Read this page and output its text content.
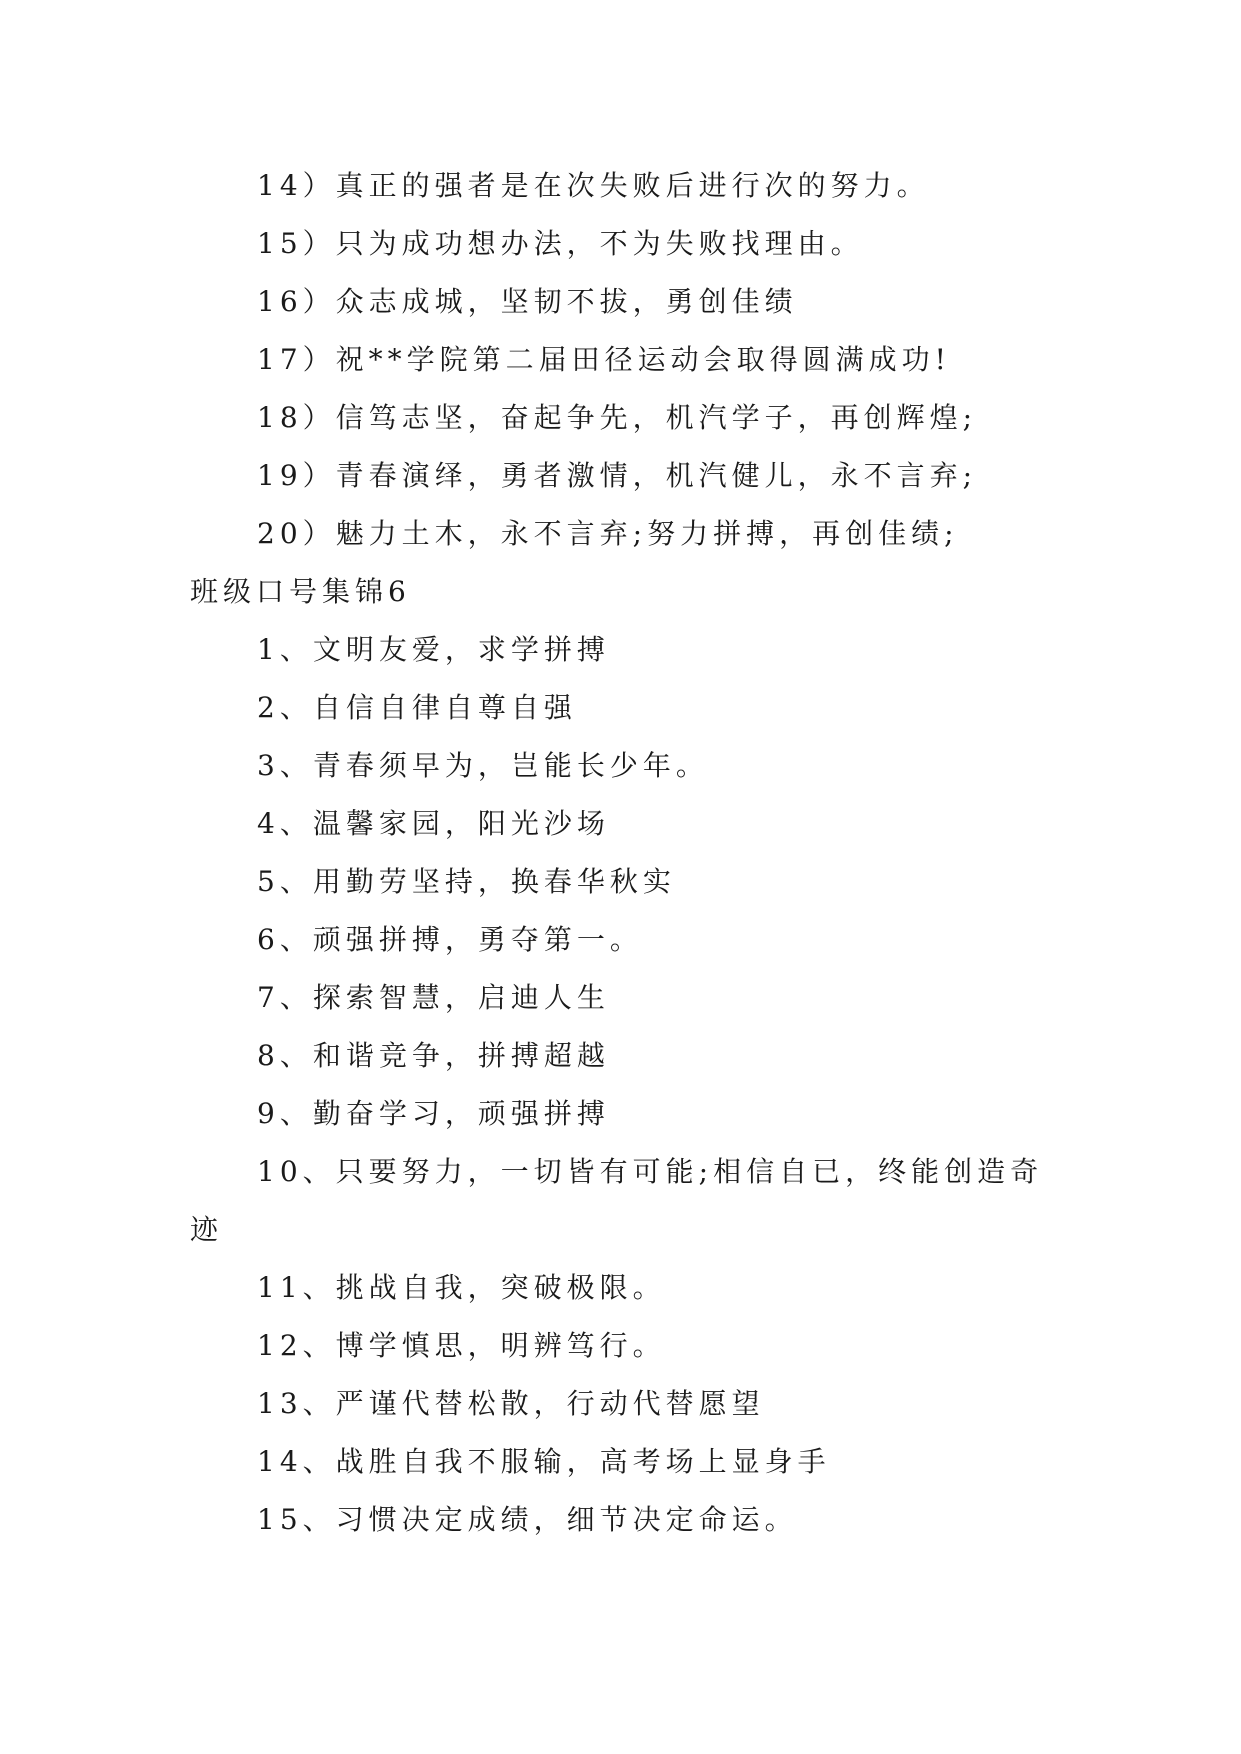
14）真正的强者是在次失败后进行次的努力。
15）只为成功想办法，不为失败找理由。
16）众志成城，坚韧不拔，勇创佳绩
17）祝**学院第二届田径运动会取得圆满成功!
18）信笃志坚，奋起争先，机汽学子，再创辉煌;
19）青春演绎，勇者激情，机汽健儿，永不言弃;
20）魅力土木，永不言弃;努力拼搏，再创佳绩;
班级口号集锦6
1、文明友爱，求学拼搏
2、自信自律自尊自强
3、青春须早为，岂能长少年。
4、温馨家园，阳光沙场
5、用勤劳坚持，换春华秋实
6、顽强拼搏，勇夺第一。
7、探索智慧，启迪人生
8、和谐竞争，拼搏超越
9、勤奋学习，顽强拼搏
10、只要努力，一切皆有可能;相信自已，终能创造奇
迹
11、挑战自我，突破极限。
12、博学慎思，明辨笃行。
13、严谨代替松散，行动代替愿望
14、战胜自我不服输，高考场上显身手
15、习惯决定成绩，细节决定命运。
